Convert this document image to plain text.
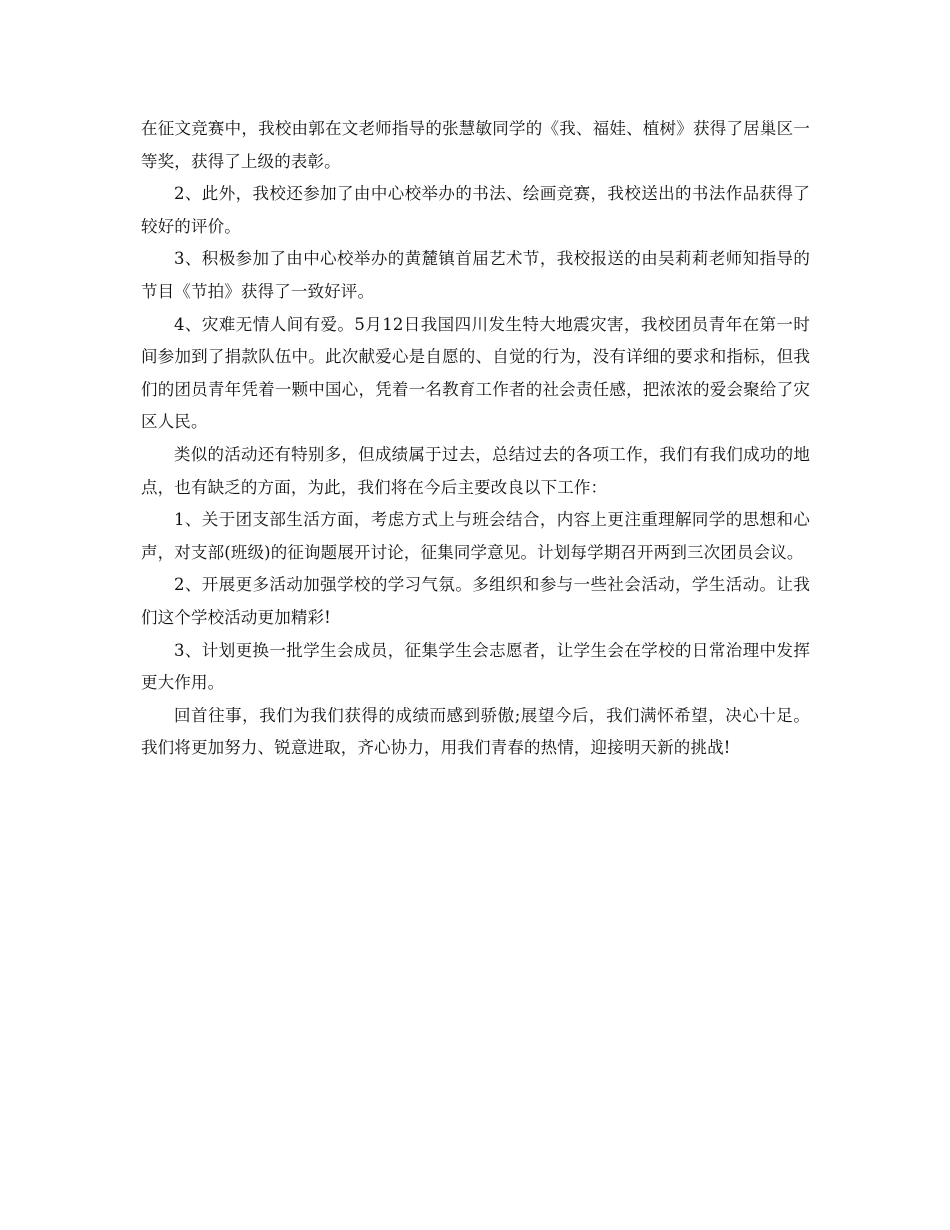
在征文竞赛中，我校由郭在文老师指导的张慧敏同学的《我、福娃、植树》获得了居巢区一等奖，获得了上级的表彰。

2、此外，我校还参加了由中心校举办的书法、绘画竞赛，我校送出的书法作品获得了较好的评价。

3、积极参加了由中心校举办的黄麓镇首届艺术节，我校报送的由吴莉莉老师知指导的节目《节拍》获得了一致好评。

4、灾难无情人间有爱。5月12日我国四川发生特大地震灾害，我校团员青年在第一时间参加到了捐款队伍中。此次献爱心是自愿的、自觉的行为，没有详细的要求和指标，但我们的团员青年凭着一颗中国心，凭着一名教育工作者的社会责任感，把浓浓的爱会聚给了灾区人民。

类似的活动还有特别多，但成绩属于过去，总结过去的各项工作，我们有我们成功的地点，也有缺乏的方面，为此，我们将在今后主要改良以下工作：

1、关于团支部生活方面，考虑方式上与班会结合，内容上更注重理解同学的思想和心声，对支部(班级)的征询题展开讨论，征集同学意见。计划每学期召开两到三次团员会议。

2、开展更多活动加强学校的学习气氛。多组织和参与一些社会活动，学生活动。让我们这个学校活动更加精彩!

3、计划更换一批学生会成员，征集学生会志愿者，让学生会在学校的日常治理中发挥更大作用。

回首往事，我们为我们获得的成绩而感到骄傲;展望今后，我们满怀希望，决心十足。我们将更加努力、锐意进取，齐心协力，用我们青春的热情，迎接明天新的挑战!
